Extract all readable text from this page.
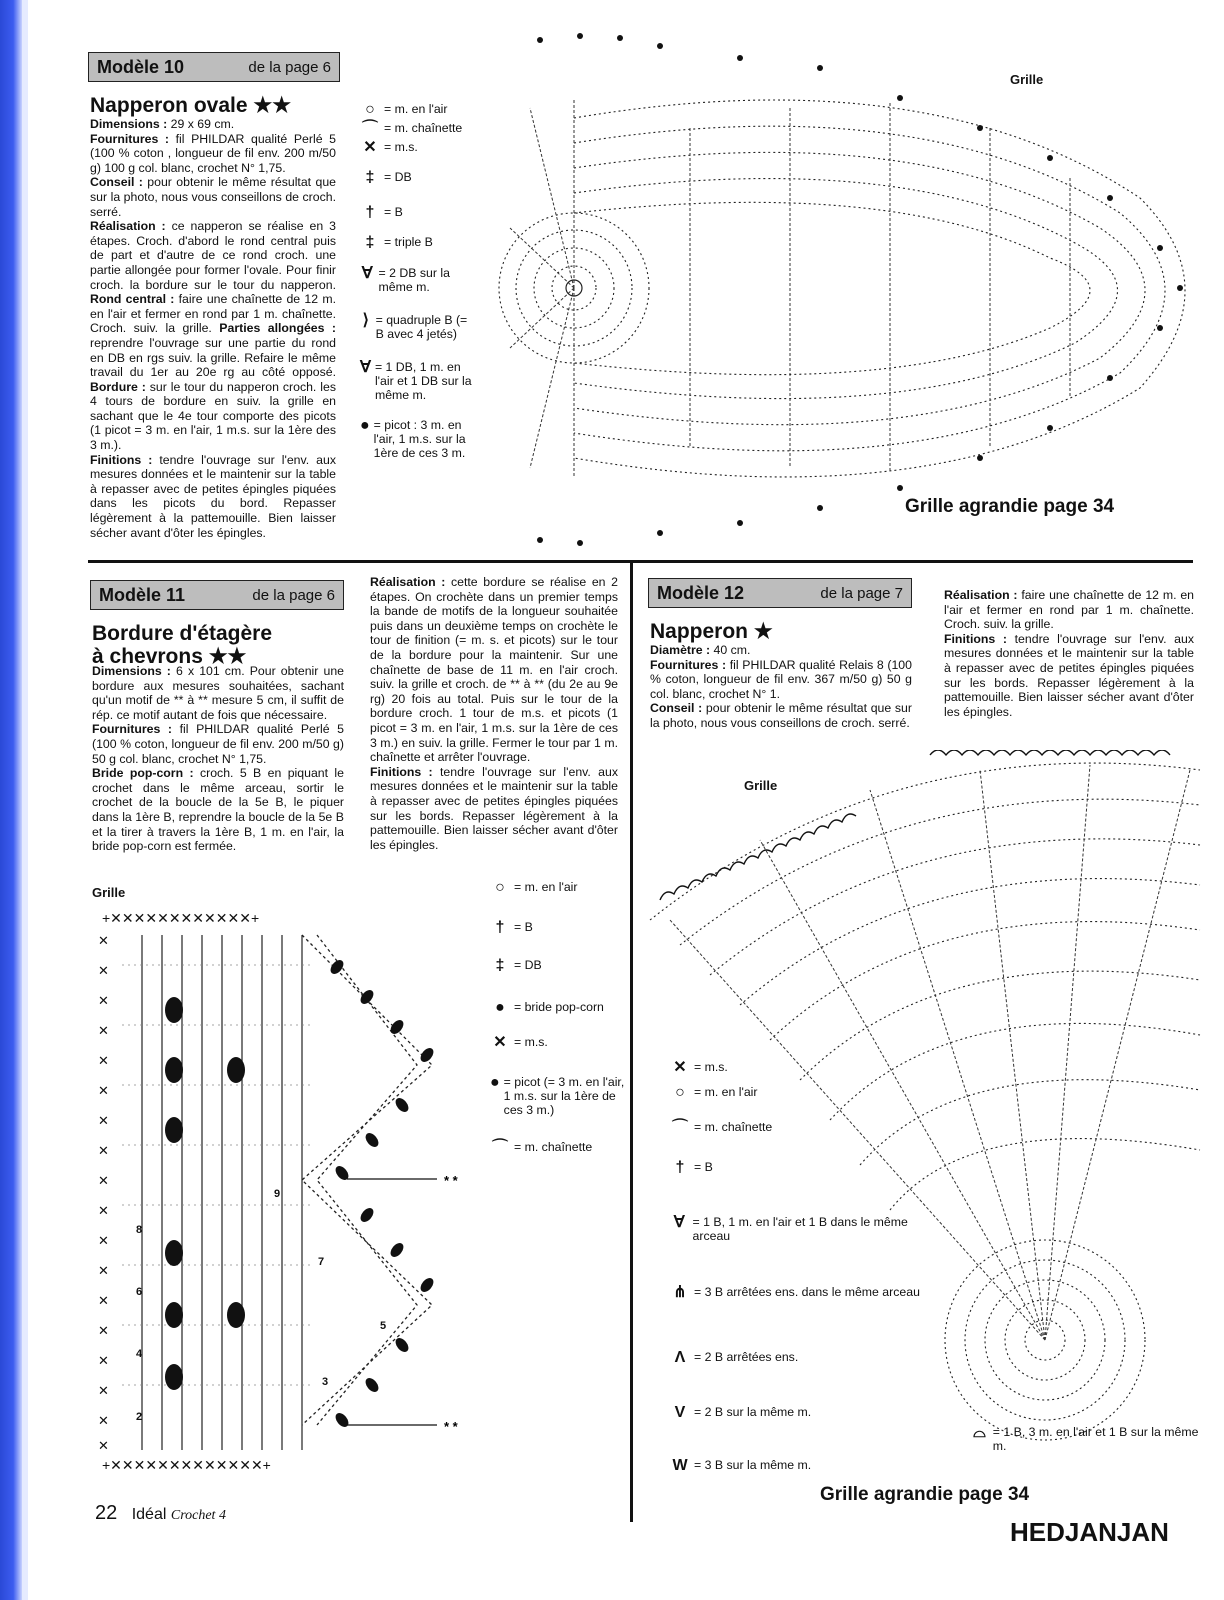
Modèle 10	de la page 6
Napperon ovale ★★

Dimensions : 29 x 69 cm.

Fournitures : fil PHILDAR qualité Perlé 5 (100 % coton , longueur de fil env. 200 m/50 g) 100 g col. blanc, crochet N° 1,75.

Conseil : pour obtenir le même résultat que sur la photo, nous vous conseillons de croch. serré.

Réalisation : ce napperon se réalise en 3 étapes. Croch. d'abord le rond central puis de part et d'autre de ce rond croch. une partie allongée pour former l'ovale. Pour finir croch. la bordure sur le tour du napperon. Rond central : faire une chaînette de 12 m. en l'air et fermer en rond par 1 m. chaînette. Croch. suiv. la grille. Parties allongées : reprendre l'ouvrage sur une partie du rond en DB en rgs suiv. la grille. Refaire le même travail du 1er au 20e rg au côté opposé. Bordure : sur le tour du napperon croch. les 4 tours de bordure en suiv. la grille en sachant que le 4e tour comporte des picots (1 picot = 3 m. en l'air, 1 m.s. sur la 1ère des 3 m.).

Finitions : tendre l'ouvrage sur l'env. aux mesures données et le maintenir sur la table à repasser avec de petites épingles piquées dans les picots du bord. Repasser légèrement à la pattemouille. Bien laisser sécher avant d'ôter les épingles.

○ = m. en l'air
⌒ = m. chaînette
✕ = m.s.
‡ = DB
† = B
‡ = triple B
∀ = 2 DB sur la même m.
⟩ = quadruple B (= B avec 4 jetés)
∀ = 1 DB, 1 m. en l'air et 1 DB sur la même m.
● = picot : 3 m. en l'air, 1 m.s. sur la 1ère de ces 3 m.
Grille
Grille agrandie page 34
Modèle 11	de la page 6
Bordure d'étagère
à chevrons ★★

Dimensions : 6 x 101 cm. Pour obtenir une bordure aux mesures souhaitées, sachant qu'un motif de ** à ** mesure 5 cm, il suffit de rép. ce motif autant de fois que nécessaire.

Fournitures : fil PHILDAR qualité Perlé 5 (100 % coton, longueur de fil env. 200 m/50 g) 50 g col. blanc, crochet N° 1,75.

Bride pop-corn : croch. 5 B en piquant le crochet dans le même arceau, sortir le crochet de la boucle de la 5e B, le piquer dans la 1ère B, reprendre la boucle de la 5e B et la tirer à travers la 1ère B, 1 m. en l'air, la bride pop-corn est fermée.

Réalisation : cette bordure se réalise en 2 étapes. On crochète dans un premier temps la bande de motifs de la longueur souhaitée puis dans un deuxième temps on crochète le tour de finition (= m. s. et picots) sur le tour de la bordure pour la maintenir. Sur une chaînette de base de 11 m. en l'air croch. suiv. la grille et croch. de ** à ** (du 2e au 9e rg) 20 fois au total. Puis sur le tour de la bordure croch. 1 tour de m.s. et picots (1 picot = 3 m. en l'air, 1 m.s. sur la 1ère de ces 3 m.) en suiv. la grille. Fermer le tour par 1 m. chaînette et arrêter l'ouvrage.

Finitions : tendre l'ouvrage sur l'env. aux mesures données et le maintenir sur la table à repasser avec de petites épingles piquées sur les bords. Repasser légèrement à la pattemouille. Bien laisser sécher avant d'ôter les épingles.

Grille
+✕✕✕✕✕✕✕✕✕✕✕✕+
+✕✕✕✕✕✕✕✕✕✕✕✕✕+
✕
✕
✕
✕
✕
✕
✕
✕
✕
✕
✕
✕
✕
✕
✕
✕
✕
✕
* *
* *
9
8
7
6
5
4
3
2
○ = m. en l'air
† = B
‡ = DB
● = bride pop-corn
✕ = m.s.
● = picot (= 3 m. en l'air, 1 m.s. sur la 1ère de ces 3 m.)
⌒ = m. chaînette
Modèle 12	de la page 7
Napperon ★

Diamètre : 40 cm.

Fournitures : fil PHILDAR qualité Relais 8 (100 % coton, longueur de fil env. 367 m/50 g) 50 g col. blanc, crochet N° 1.

Conseil : pour obtenir le même résultat que sur la photo, nous vous conseillons de croch. serré.

Réalisation : faire une chaînette de 12 m. en l'air et fermer en rond par 1 m. chaînette. Croch. suiv. la grille.

Finitions : tendre l'ouvrage sur l'env. aux mesures données et le maintenir sur la table à repasser avec de petites épingles piquées sur les bords. Repasser légèrement à la pattemouille. Bien laisser sécher avant d'ôter les épingles.

Grille
✕ = m.s.
○ = m. en l'air
⌒ = m. chaînette
† = B
∀ = 1 B, 1 m. en l'air et 1 B dans le même arceau
⋔ = 3 B arrêtées ens. dans le même arceau
Λ = 2 B arrêtées ens.
V = 2 B sur la même m.
W = 3 B sur la même m.
⌓ = 1 B, 3 m. en l'air et 1 B sur la même m.
Grille agrandie page 34
22 Idéal Crochet 4
HEDJANJAN
